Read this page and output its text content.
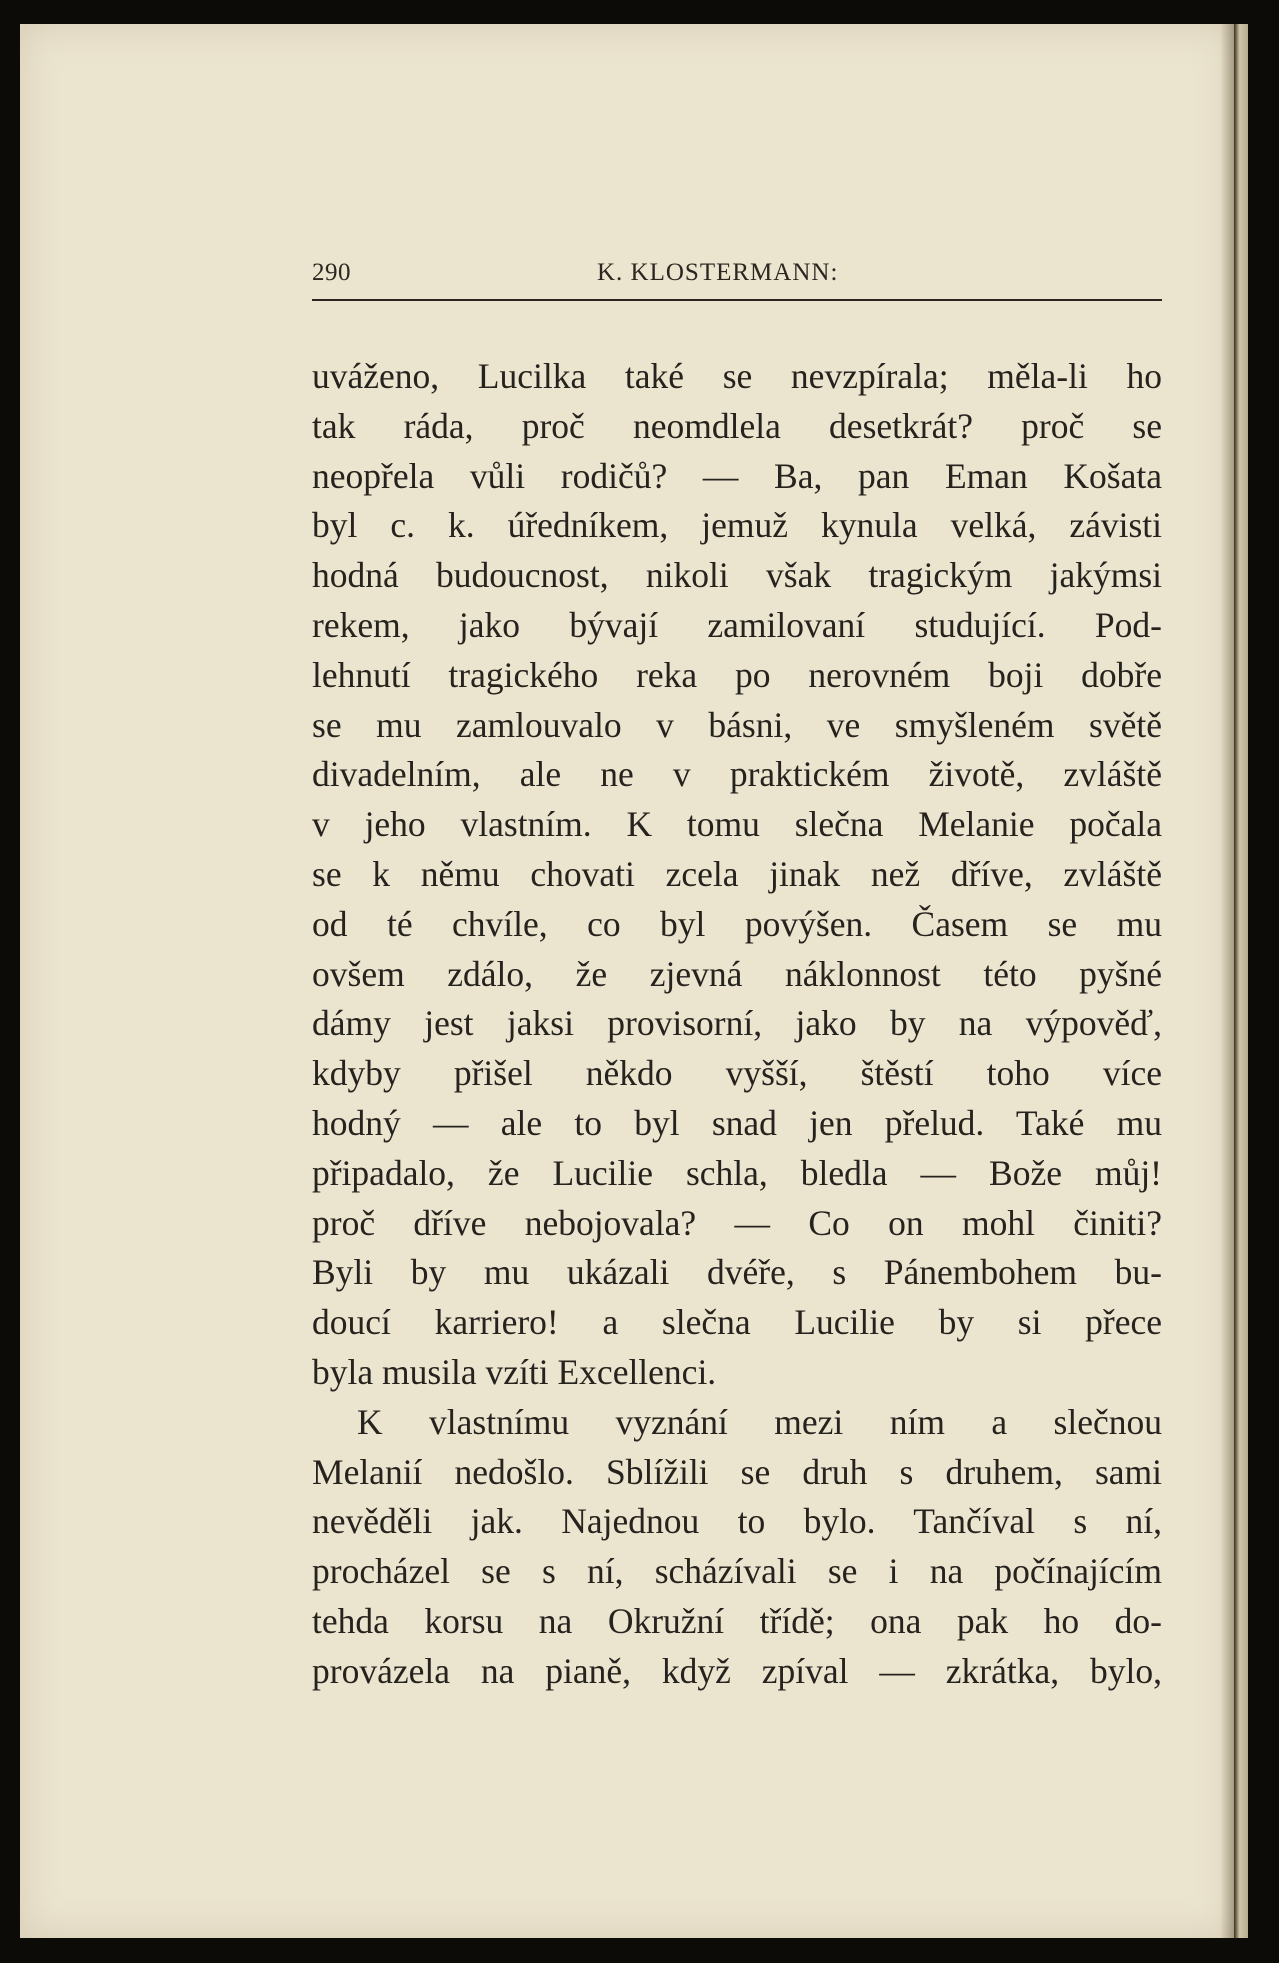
290	K. KLOSTERMANN:
uváženo, Lucilka také se nevzpírala; měla-li ho
tak ráda, proč neomdlela desetkrát? proč se
neopřela vůli rodičů? — Ba, pan Eman Košata
byl c. k. úředníkem, jemuž kynula velká, závisti
hodná budoucnost, nikoli však tragickým jakýmsi
rekem, jako bývají zamilovaní studující. Pod-
lehnutí tragického reka po nerovném boji dobře
se mu zamlouvalo v básni, ve smyšleném světě
divadelním, ale ne v praktickém životě, zvláště
v jeho vlastním. K tomu slečna Melanie počala
se k němu chovati zcela jinak než dříve, zvláště
od té chvíle, co byl povýšen. Časem se mu
ovšem zdálo, že zjevná náklonnost této pyšné
dámy jest jaksi provisorní, jako by na výpověď,
kdyby přišel někdo vyšší, štěstí toho více
hodný — ale to byl snad jen přelud. Také mu
připadalo, že Lucilie schla, bledla — Bože můj!
proč dříve nebojovala? — Co on mohl činiti?
Byli by mu ukázali dvéře, s Pánembohem bu-
doucí karriero! a slečna Lucilie by si přece
byla musila vzíti Excellenci.
K vlastnímu vyznání mezi ním a slečnou
Melanií nedošlo. Sblížili se druh s druhem, sami
nevěděli jak. Najednou to bylo. Tančíval s ní,
procházel se s ní, scházívali se i na počínajícím
tehda korsu na Okružní třídě; ona pak ho do-
provázela na pianě, když zpíval — zkrátka, bylo,
